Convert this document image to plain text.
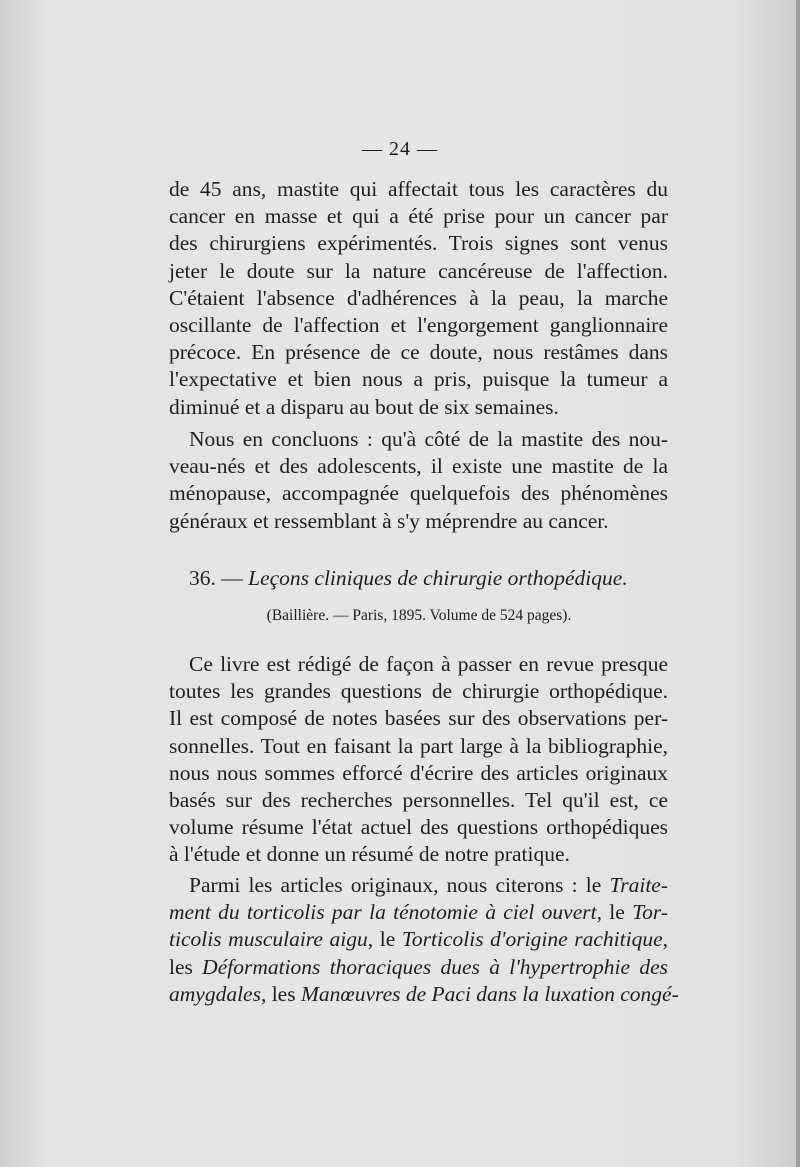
— 24 —
de 45 ans, mastite qui affectait tous les caractères du
cancer en masse et qui a été prise pour un cancer par
des chirurgiens expérimentés. Trois signes sont venus
jeter le doute sur la nature cancéreuse de l'affection.
C'étaient l'absence d'adhérences à la peau, la marche
oscillante de l'affection et l'engorgement ganglionnaire
précoce. En présence de ce doute, nous restâmes dans
l'expectative et bien nous a pris, puisque la tumeur a
diminué et a disparu au bout de six semaines.
Nous en concluons : qu'à côté de la mastite des nou-
veau-nés et des adolescents, il existe une mastite de la
ménopause, accompagnée quelquefois des phénomènes
généraux et ressemblant à s'y méprendre au cancer.
36. — Leçons cliniques de chirurgie orthopédique.
(Baillière. — Paris, 1895. Volume de 524 pages).
Ce livre est rédigé de façon à passer en revue presque
toutes les grandes questions de chirurgie orthopédique.
Il est composé de notes basées sur des observations per-
sonnelles. Tout en faisant la part large à la bibliographie,
nous nous sommes efforcé d'écrire des articles originaux
basés sur des recherches personnelles. Tel qu'il est, ce
volume résume l'état actuel des questions orthopédiques
à l'étude et donne un résumé de notre pratique.
Parmi les articles originaux, nous citerons : le Traite-
ment du torticolis par la ténotomie à ciel ouvert, le Tor-
ticolis musculaire aigu, le Torticolis d'origine rachitique,
les Déformations thoraciques dues à l'hypertrophie des
amygdales, les Manœuvres de Paci dans la luxation congé-
